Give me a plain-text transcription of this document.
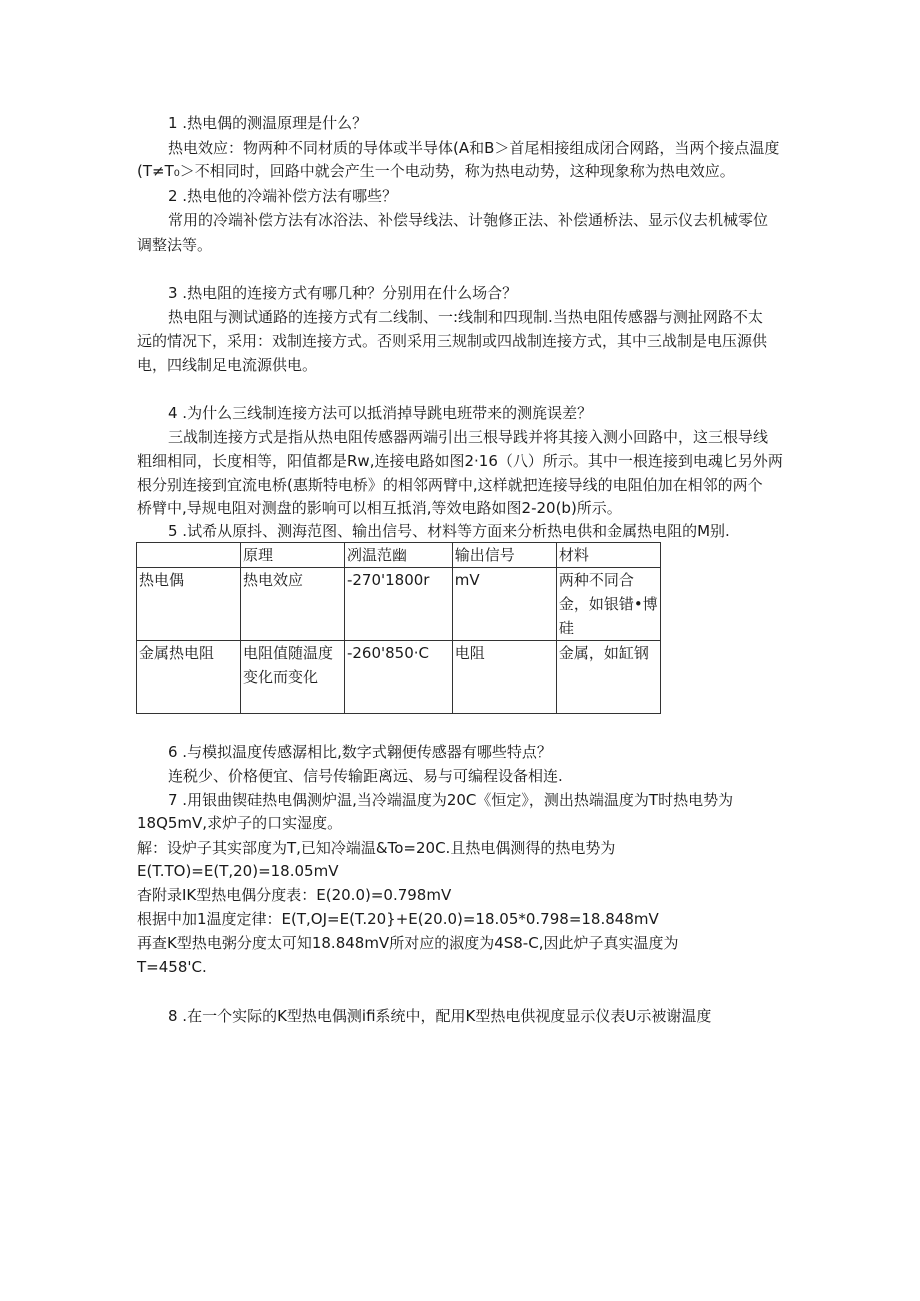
1 .热电偶的测温原理是什么？
热电效应：物两种不同材质的导体或半导体(A和B＞首尾相接组成闭合网路，当两个接点温度
(T≠T₀＞不相同时，回路中就会产生一个电动势，称为热电动势，这种现象称为热电效应。
2 .热电他的冷端补偿方法有哪些？
常用的冷端补偿方法有冰浴法、补偿导线法、计匏修正法、补偿通桥法、显示仪去机械零位
调整法等。
3 .热电阻的连接方式有哪几种？分别用在什么场合？
热电阻与测试通路的连接方式有二线制、一:线制和四现制.当热电阻传感器与测扯网路不太
远的情况下，采用：戏制连接方式。否则采用三规制或四战制连接方式，其中三战制是电压源供
电，四线制足电流源供电。
4 .为什么三线制连接方法可以抵消掉导跳电班带来的测旄误差？
三战制连接方式是指从热电阻传感器两端引出三根导践并将其接入测小回路中，这三根导线
粗细相同，长度相等，阳值都是Rw,连接电路如图2·16（八）所示。其中一根连接到电魂匕另外两
根分别连接到宜流电桥(惠斯特电桥》的相邻两臂中,这样就把连接导线的电阻伯加在相邻的两个
桥臂中,导规电阻对测盘的影响可以相互抵消,等效电路如图2-20(b)所示。
5 .试希从原抖、测海范图、输出信号、材料等方面来分析热电供和金属热电阻的M别.
	原理	冽温范幽	输出信号	材料
热电偶	热电效应	-270'1800r	mV	两种不同合金，如银错•博硅
金属热电阻	电阻值随温度变化而变化	-260'850·C	电阻	金属，如缸钢
6 .与模拟温度传感潺相比,数字式翱便传感器有哪些特点？
连税少、价格便宜、信号传输距离远、易与可编程设备相连.
7 .用银曲锲硅热电偶测炉温,当冷端温度为20C《恒定》，测出热端温度为T时热电势为
18Q5mV,求炉子的口实湿度。
解：设炉子其实部度为T,已知冷端温&To=20C.且热电偶测得的热电势为
E(T.TO)=E(T,20)=18.05mV
杳附录IK型热电偶分度表：E(20.0)=0.798mV
根据中加1温度定律：E(T,OJ=E(T.20}+E(20.0)=18.05*0.798=18.848mV
再查K型热电粥分度太可知18.848mV所对应的淑度为4S8-C,因此炉子真实温度为
T=458'C.
8 .在一个实际的K型热电偶测ifi系统中，配用K型热电供视度显示仪表U示被谢温度
